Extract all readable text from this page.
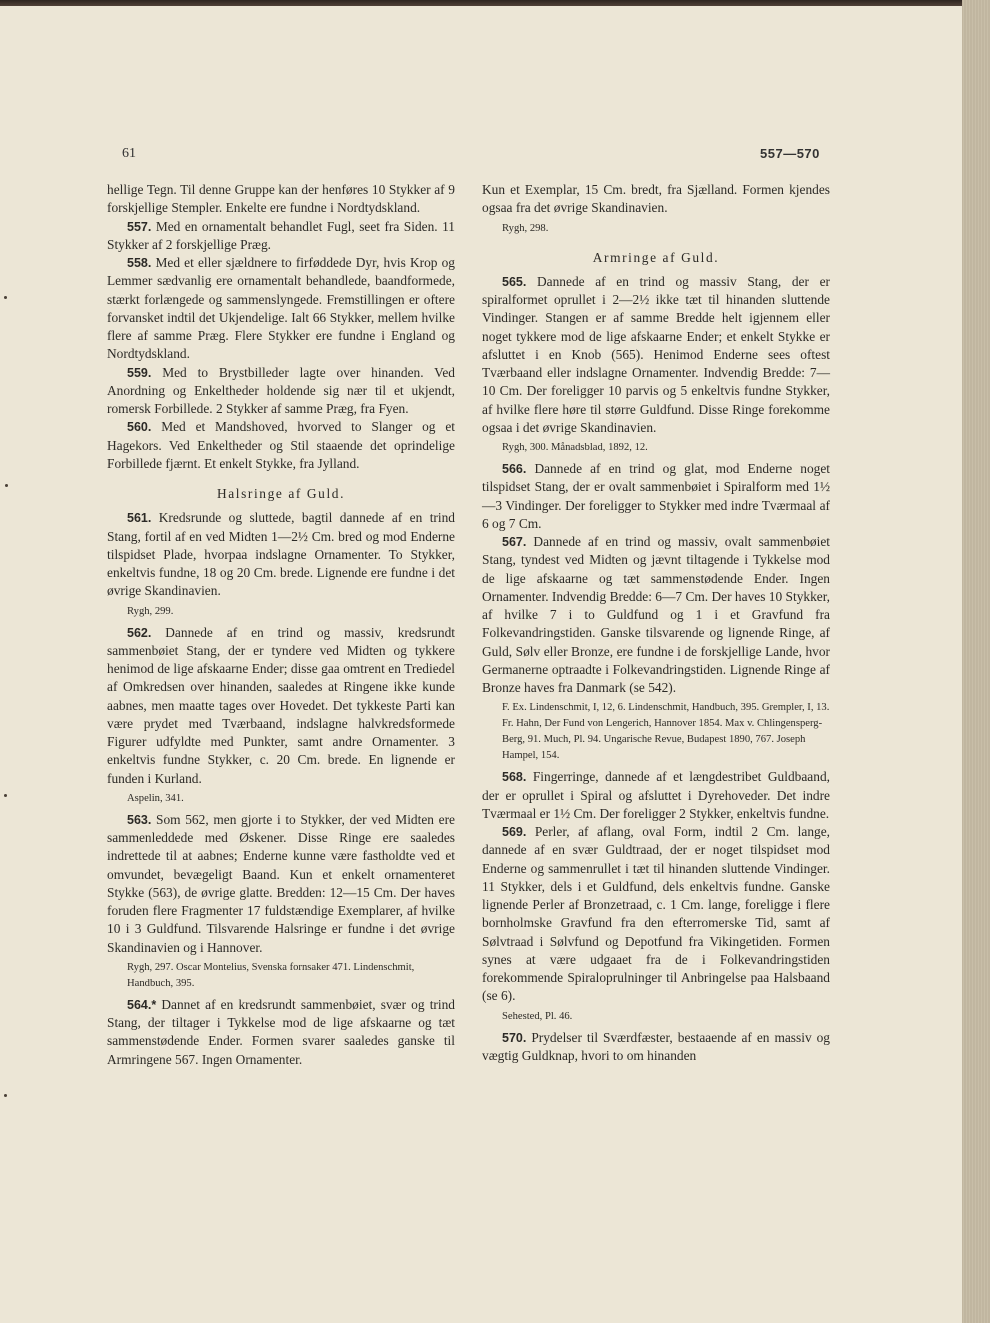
61	557—570

hellige Tegn. Til denne Gruppe kan der henføres 10 Stykker af 9 forskjellige Stempler. Enkelte ere fundne i Nordtydskland.

557. Med en ornamentalt behandlet Fugl, seet fra Siden. 11 Stykker af 2 forskjellige Præg.

558. Med et eller sjældnere to firføddede Dyr, hvis Krop og Lemmer sædvanlig ere ornamentalt behandlede, baandformede, stærkt forlængede og sammenslyngede. Fremstillingen er oftere forvansket indtil det Ukjendelige. Ialt 66 Stykker, mellem hvilke flere af samme Præg. Flere Stykker ere fundne i England og Nordtydskland.

559. Med to Brystbilleder lagte over hinanden. Ved Anordning og Enkeltheder holdende sig nær til et ukjendt, romersk Forbillede. 2 Stykker af samme Præg, fra Fyen.

560. Med et Mandshoved, hvorved to Slanger og et Hagekors. Ved Enkeltheder og Stil staaende det oprindelige Forbillede fjærnt. Et enkelt Stykke, fra Jylland.

Halsringe af Guld.

561. Kredsrunde og sluttede, bagtil dannede af en trind Stang, fortil af en ved Midten 1—2½ Cm. bred og mod Enderne tilspidset Plade, hvorpaa indslagne Ornamenter. To Stykker, enkeltvis fundne, 18 og 20 Cm. brede. Lignende ere fundne i det øvrige Skandinavien.

Rygh, 299.

562. Dannede af en trind og massiv, kredsrundt sammenbøiet Stang, der er tyndere ved Midten og tykkere henimod de lige afskaarne Ender; disse gaa omtrent en Trediedel af Omkredsen over hinanden, saaledes at Ringene ikke kunde aabnes, men maatte tages over Hovedet. Det tykkeste Parti kan være prydet med Tværbaand, indslagne halvkredsformede Figurer udfyldte med Punkter, samt andre Ornamenter. 3 enkeltvis fundne Stykker, c. 20 Cm. brede. En lignende er funden i Kurland.

Aspelin, 341.

563. Som 562, men gjorte i to Stykker, der ved Midten ere sammenleddede med Øskener. Disse Ringe ere saaledes indrettede til at aabnes; Enderne kunne være fastholdte ved et omvundet, bevægeligt Baand. Kun et enkelt ornamenteret Stykke (563), de øvrige glatte. Bredden: 12—15 Cm. Der haves foruden flere Fragmenter 17 fuldstændige Exemplarer, af hvilke 10 i 3 Guldfund. Tilsvarende Halsringe er fundne i det øvrige Skandinavien og i Hannover.

Rygh, 297. Oscar Montelius, Svenska fornsaker 471. Lindenschmit, Handbuch, 395.

564.* Dannet af en kredsrundt sammenbøiet, svær og trind Stang, der tiltager i Tykkelse mod de lige afskaarne og tæt sammenstødende Ender. Formen svarer saaledes ganske til Armringene 567. Ingen Ornamenter.

Kun et Exemplar, 15 Cm. bredt, fra Sjælland. Formen kjendes ogsaa fra det øvrige Skandinavien.

Rygh, 298.

Armringe af Guld.

565. Dannede af en trind og massiv Stang, der er spiralformet oprullet i 2—2½ ikke tæt til hinanden sluttende Vindinger. Stangen er af samme Bredde helt igjennem eller noget tykkere mod de lige afskaarne Ender; et enkelt Stykke er afsluttet i en Knob (565). Henimod Enderne sees oftest Tværbaand eller indslagne Ornamenter. Indvendig Bredde: 7—10 Cm. Der foreligger 10 parvis og 5 enkeltvis fundne Stykker, af hvilke flere høre til større Guldfund. Disse Ringe forekomme ogsaa i det øvrige Skandinavien.

Rygh, 300. Månadsblad, 1892, 12.

566. Dannede af en trind og glat, mod Enderne noget tilspidset Stang, der er ovalt sammenbøiet i Spiralform med 1½—3 Vindinger. Der foreligger to Stykker med indre Tværmaal af 6 og 7 Cm.

567. Dannede af en trind og massiv, ovalt sammenbøiet Stang, tyndest ved Midten og jævnt tiltagende i Tykkelse mod de lige afskaarne og tæt sammenstødende Ender. Ingen Ornamenter. Indvendig Bredde: 6—7 Cm. Der haves 10 Stykker, af hvilke 7 i to Guldfund og 1 i et Gravfund fra Folkevandringstiden. Ganske tilsvarende og lignende Ringe, af Guld, Sølv eller Bronze, ere fundne i de forskjellige Lande, hvor Germanerne optraadte i Folkevandringstiden. Lignende Ringe af Bronze haves fra Danmark (se 542).

F. Ex. Lindenschmit, I, 12, 6. Lindenschmit, Handbuch, 395. Grempler, I, 13. Fr. Hahn, Der Fund von Lengerich, Hannover 1854. Max v. Chlingensperg-Berg, 91. Much, Pl. 94. Ungarische Revue, Budapest 1890, 767. Joseph Hampel, 154.

568. Fingerringe, dannede af et længdestribet Guldbaand, der er oprullet i Spiral og afsluttet i Dyrehoveder. Det indre Tværmaal er 1½ Cm. Der foreligger 2 Stykker, enkeltvis fundne.

569. Perler, af aflang, oval Form, indtil 2 Cm. lange, dannede af en svær Guldtraad, der er noget tilspidset mod Enderne og sammenrullet i tæt til hinanden sluttende Vindinger. 11 Stykker, dels i et Guldfund, dels enkeltvis fundne. Ganske lignende Perler af Bronzetraad, c. 1 Cm. lange, foreligge i flere bornholmske Gravfund fra den efterromerske Tid, samt af Sølvtraad i Sølvfund og Depotfund fra Vikingetiden. Formen synes at være udgaaet fra de i Folkevandringstiden forekommende Spiraloprulninger til Anbringelse paa Halsbaand (se 6).

Sehested, Pl. 46.

570. Prydelser til Sværdfæster, bestaaende af en massiv og vægtig Guldknap, hvori to om hinanden
